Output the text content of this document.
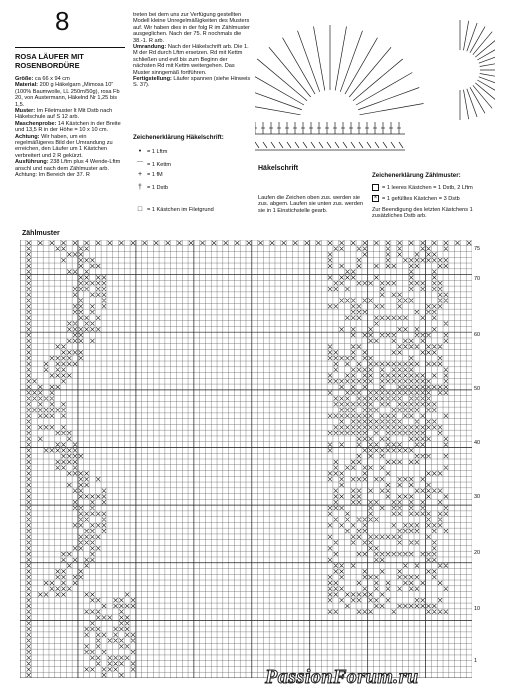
8
ROSA LÄUFER MIT
ROSENBORDÜRE

Größe: ca 66 x 94 cm

Material: 200 g Häkelgarn „Mimosa 10“ (100% Baumwolle, LL 250m/50g), rosa Fb 20, von Austermann, Häkelnd Nr 1,25 bis 1,5.

Muster: Im Filetmuster lt Mit Dstb nach Häkelschule auf S 12 arb.

Maschenprobe: 14 Kästchen in der Breite und 13,5 R in der Höhe = 10 x 10 cm.

Achtung: Wir haben, um ein regelmäßigeres Bild der Umrandung zu erreichen, den Läufer um 1 Kästchen verbreitert und 2 R gekürzt.

Ausführung: 238 Lftm plus 4 Wende-Lftm anschl und nach dem Zählmuster arb. Achtung: Im Bereich der 37. R

treten bei dem uns zur Verfügung gestellten Modell kleine Unregelmäßigkeiten des Musters auf. Wir haben dies in der folg R im Zählmuster ausgeglichen. Nach der 75. R nochmals die 38.-1. R arb.

Umrandung: Nach der Häkelschrift arb. Die 1. M der Rd durch Lftm ersetzen. Rd mit Kettm schließen und evtl bis zum Beginn der nächsten Rd mit Kettm weitergehen. Das Muster sinngemäß fortführen.

Fertigstellung: Läufer spannen (siehe Hinweis S. 37).

Zeichenerklärung Häkelschrift:
•	= 1 Lftm
⌒ = 1 Kettm
+ = 1 fM
† = 1 Dstb
□ = 1 Kästchen im Filetgrund
Häkelschrift
Laufen die Zeichen oben zus. werden sie zus. abgem. Laufen sie unten zus. werden sie in 1 Einstichstelle gearb.
Zeichenerklärung Zählmuster:
= 1 leeres Kästchen = 1 Dstb, 2 Lftm
× = 1 gefülltes Kästchen = 3 Dstb
Zur Beendigung des letzten Kästchens 1 zusätzliches Dstb arb.
Zählmuster
75
70
60
50
40
30
20
10
1
PassionForum.ru
